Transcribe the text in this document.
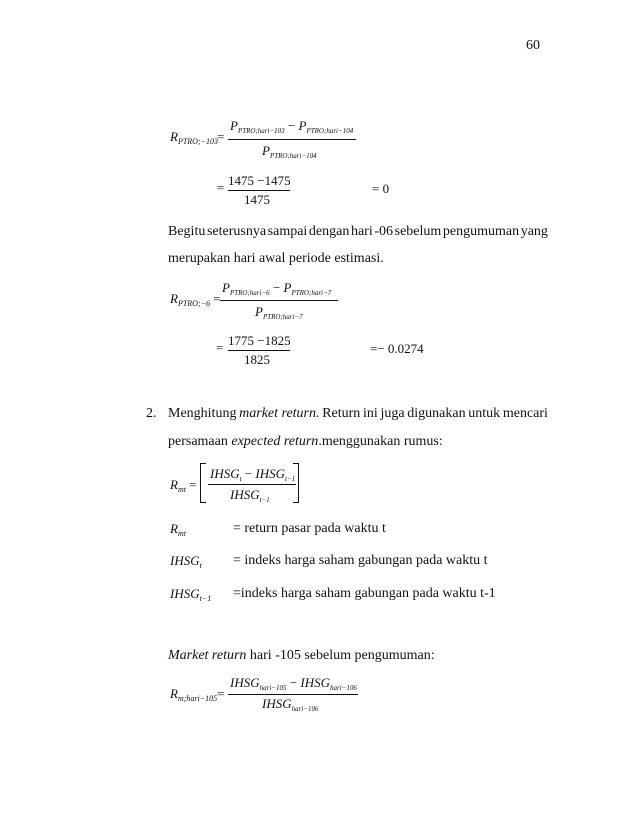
60
$R_{PTRO;-103}$
=
$P_{PTRO;hari-103} - P_{PTRO;hari-104}$
$P_{PTRO;hari-104}$
= 1475 −1475
1475
= 0
Begitu seterusnya sampai dengan hari -06 sebelum pengumuman yang
merupakan hari awal periode estimasi.
$R_{PTRO;-6}$ =
$P_{PTRO;hari-6} - P_{PTRO;hari-7}$
$P_{PTRO;hari-7}$
= 1775 −1825
1825
=− 0.0274
2. Menghitung market return. Return ini juga digunakan untuk mencari
persamaan expected return.menggunakan rumus:
$R_{mt}$ =
$IHSG_t$ − $IHSG_{t-1}$
$IHSG_{t-1}$
$R_{mt}$	= return pasar pada waktu t
$IHSG_t$ = indeks harga saham gabungan pada waktu t
$IHSG_{t-1}$ =indeks harga saham gabungan pada waktu t-1
Market return hari -105 sebelum pengumuman:
$R_{m;hari-105}$ =
$IHSG_{hari-105}$ − $IHSG_{hari-106}$
$IHSG_{hari-106}$
